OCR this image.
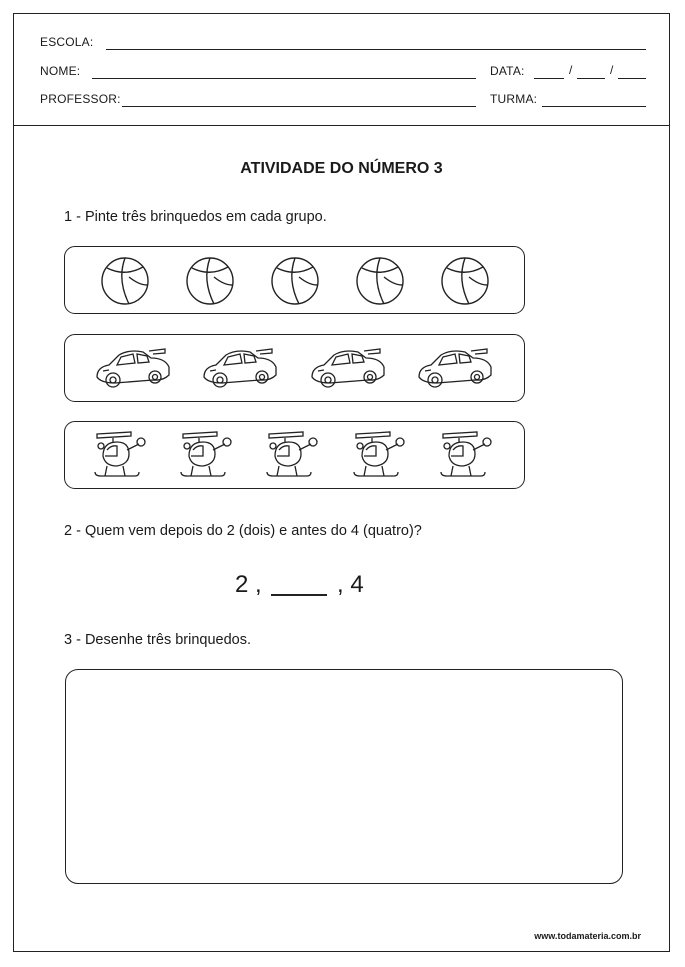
ESCOLA:
NOME:	DATA:	/	/
PROFESSOR:	TURMA:
ATIVIDADE DO NÚMERO 3
1 - Pinte três brinquedos em cada grupo.
2 - Quem vem depois do 2 (dois) e antes do 4 (quatro)?
2 ,	, 4
3 - Desenhe três brinquedos.
www.todamateria.com.br
